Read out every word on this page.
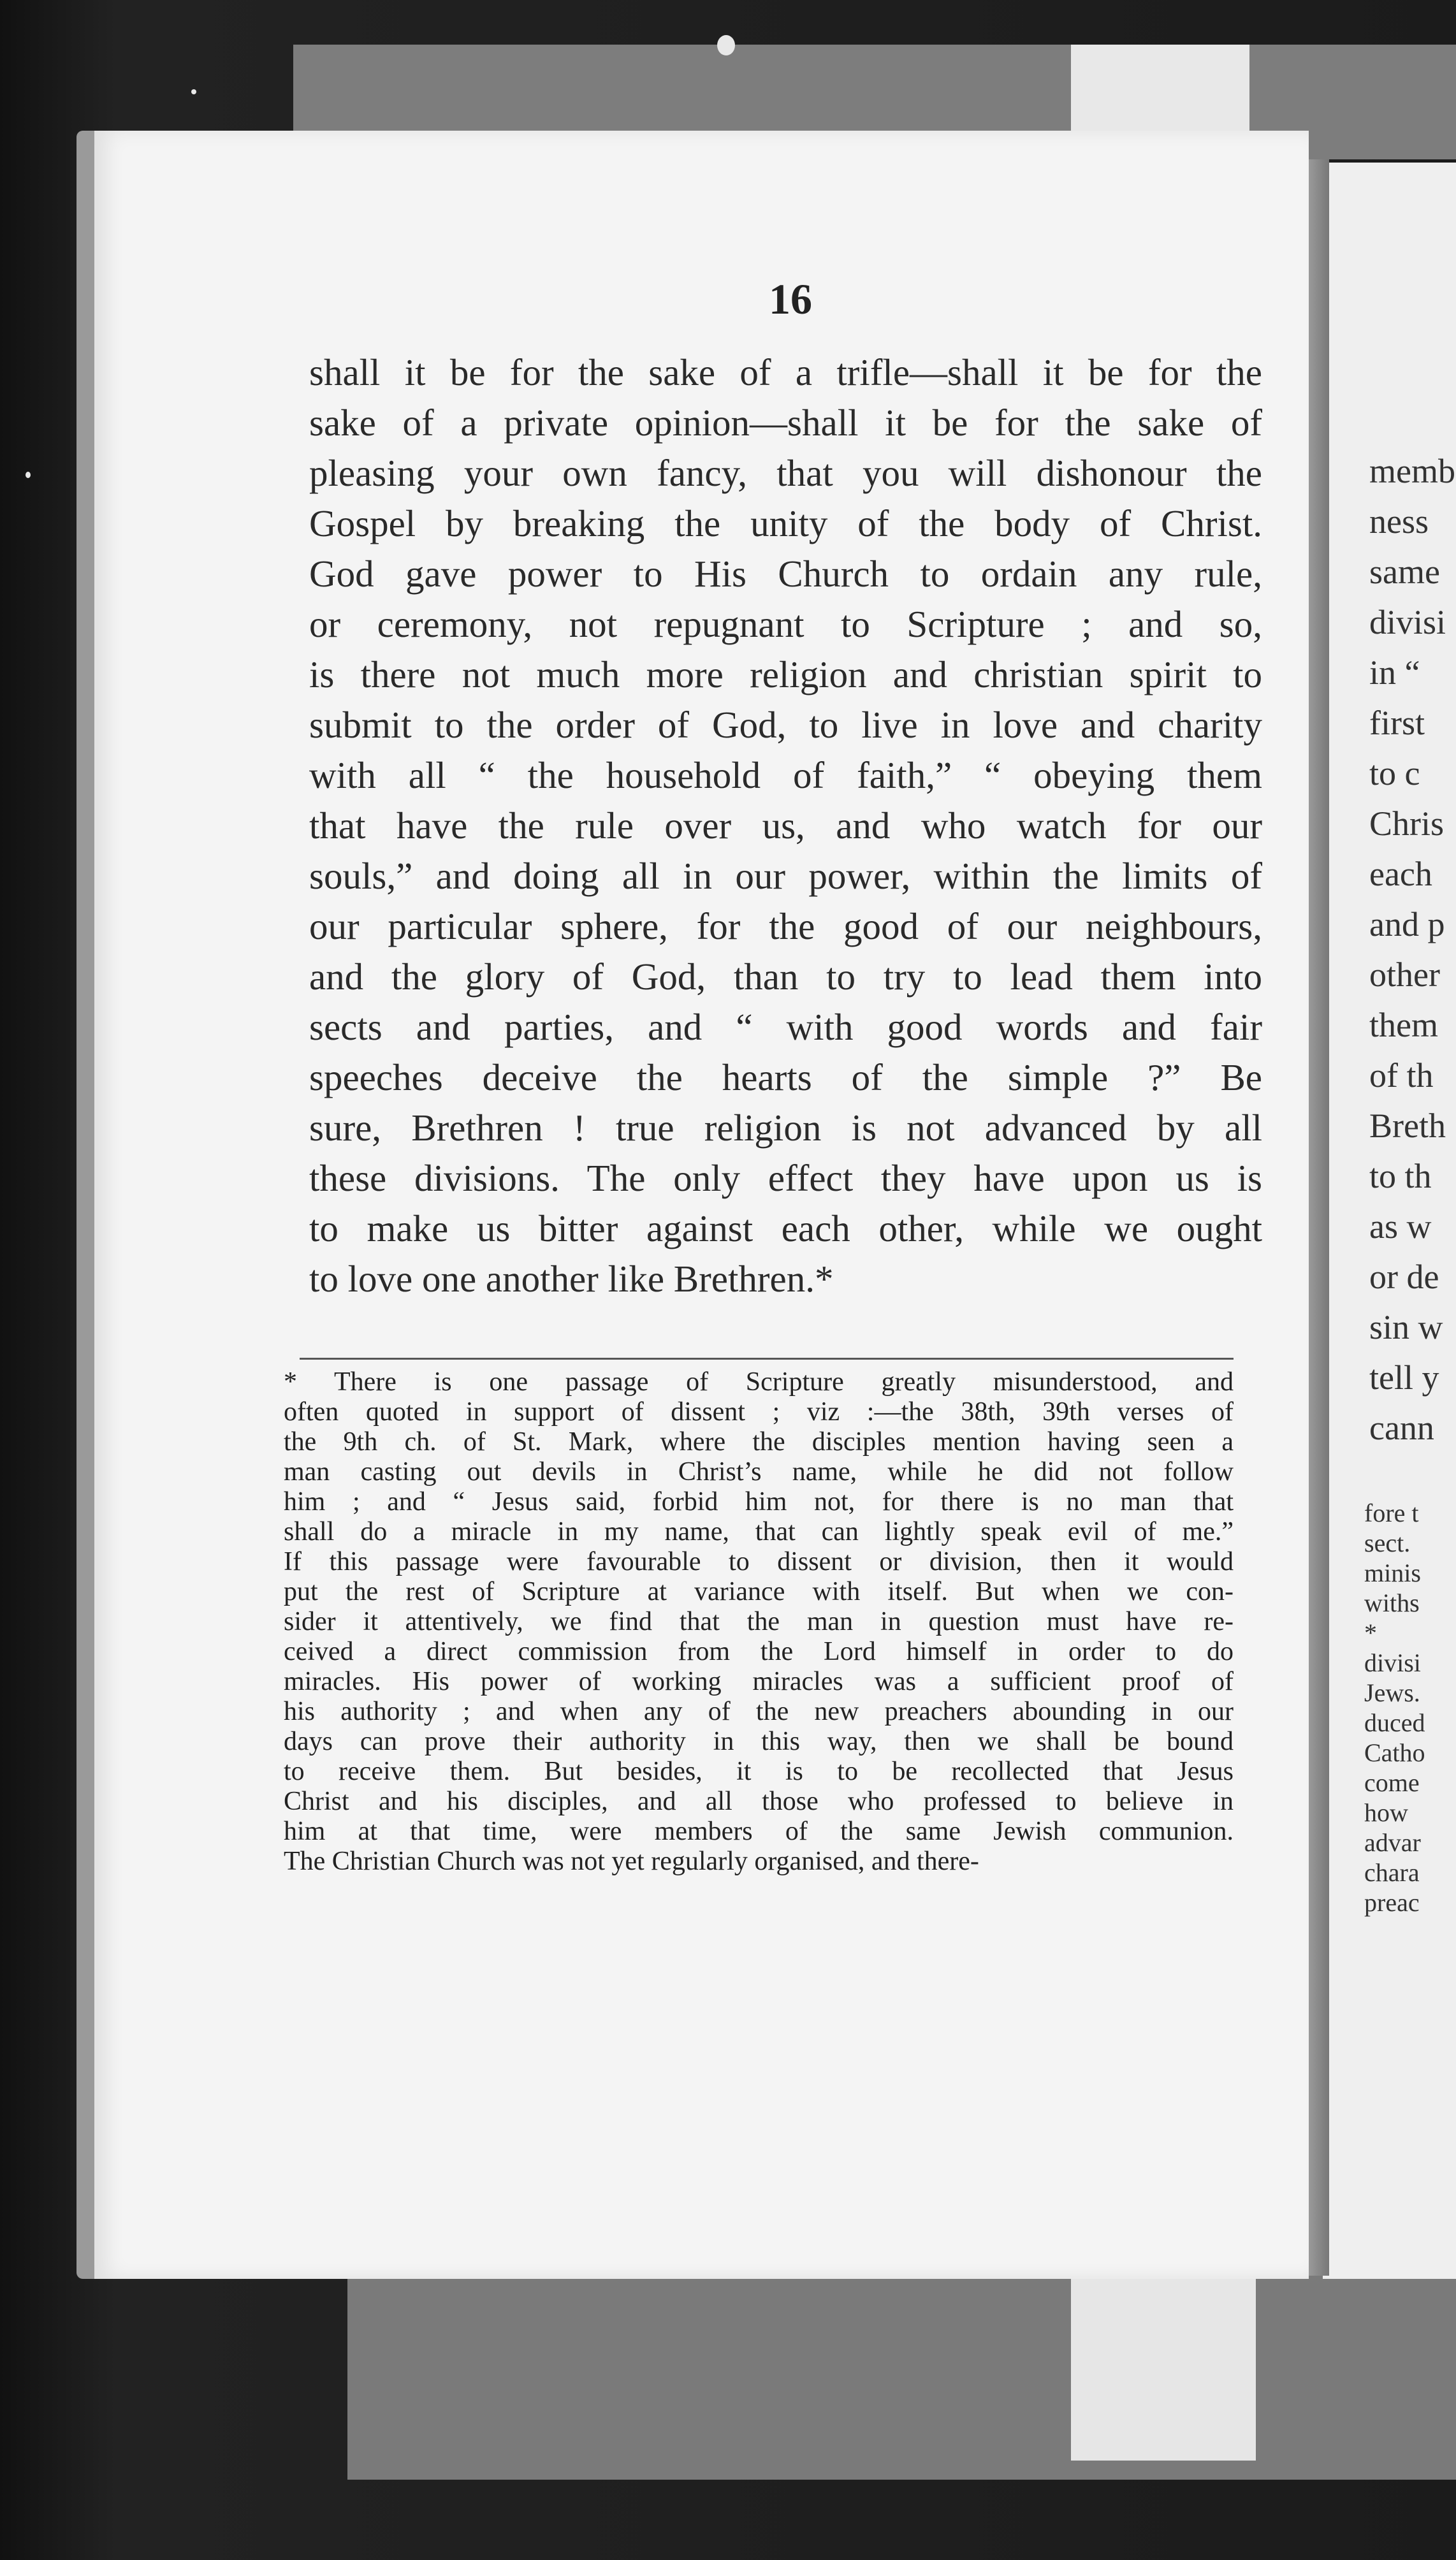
memb
ness
same
divisi
in “
first
to c
Chris
each
and p
other
them
of th
Breth
to th
as w
or de
sin w
tell y
cann
fore t
sect.
minis
withs
*
divisi
Jews.
duced
Catho
come
how
advar
chara
preac
16
shall it be for the sake of a trifle—shall it be for the
sake of a private opinion—shall it be for the sake of
pleasing your own fancy, that you will dishonour the
Gospel by breaking the unity of the body of Christ.
God gave power to His Church to ordain any rule,
or ceremony, not repugnant to Scripture ; and so,
is there not much more religion and christian spirit to
submit to the order of God, to live in love and charity
with all “ the household of faith,” “ obeying them
that have the rule over us, and who watch for our
souls,” and doing all in our power, within the limits of
our particular sphere, for the good of our neighbours,
and the glory of God, than to try to lead them into
sects and parties, and “ with good words and fair
speeches deceive the hearts of the simple ?” Be
sure, Brethren ! true religion is not advanced by all
these divisions. The only effect they have upon us is
to make us bitter against each other, while we ought
to love one another like Brethren.*
* There is one passage of Scripture greatly misunderstood, and
often quoted in support of dissent ; viz :—the 38th, 39th verses of
the 9th ch. of St. Mark, where the disciples mention having seen a
man casting out devils in Christ’s name, while he did not follow
him ; and “ Jesus said, forbid him not, for there is no man that
shall do a miracle in my name, that can lightly speak evil of me.”
If this passage were favourable to dissent or division, then it would
put the rest of Scripture at variance with itself. But when we con-
sider it attentively, we find that the man in question must have re-
ceived a direct commission from the Lord himself in order to do
miracles. His power of working miracles was a sufficient proof of
his authority ; and when any of the new preachers abounding in our
days can prove their authority in this way, then we shall be bound
to receive them. But besides, it is to be recollected that Jesus
Christ and his disciples, and all those who professed to believe in
him at that time, were members of the same Jewish communion.
The Christian Church was not yet regularly organised, and there-
